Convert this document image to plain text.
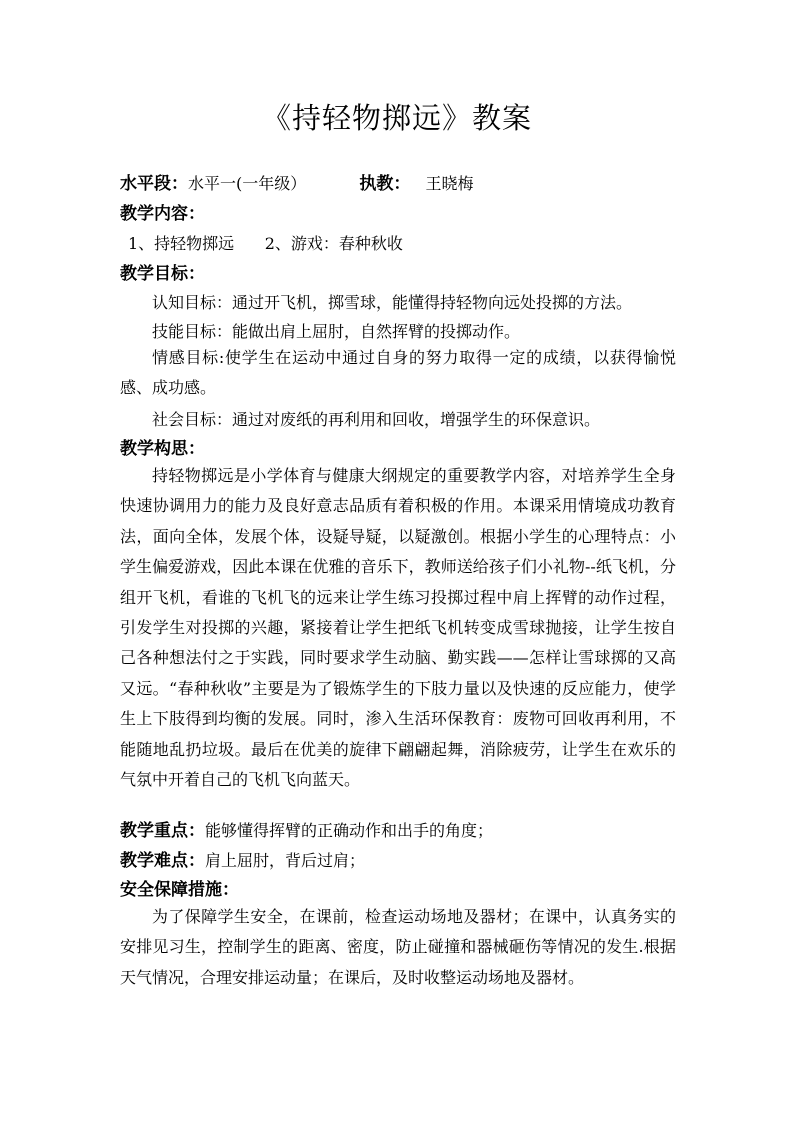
《持轻物掷远》教案
水平段：水平一(一年级）	执教： 王晓梅
教学内容：
1、持轻物掷远      2、游戏：春种秋收
教学目标：
认知目标：通过开飞机，掷雪球，能懂得持轻物向远处投掷的方法。
技能目标：能做出肩上屈肘，自然挥臂的投掷动作。

情感目标:使学生在运动中通过自身的努力取得一定的成绩，以获得愉悦感、成功感。

社会目标：通过对废纸的再利用和回收，增强学生的环保意识。
教学构思：

持轻物掷远是小学体育与健康大纲规定的重要教学内容，对培养学生全身快速协调用力的能力及良好意志品质有着积极的作用。本课采用情境成功教育法，面向全体，发展个体，设疑导疑，以疑激创。根据小学生的心理特点：小学生偏爱游戏，因此本课在优雅的音乐下，教师送给孩子们小礼物--纸飞机，分组开飞机，看谁的飞机飞的远来让学生练习投掷过程中肩上挥臂的动作过程，引发学生对投掷的兴趣，紧接着让学生把纸飞机转变成雪球抛接，让学生按自己各种想法付之于实践，同时要求学生动脑、勤实践——怎样让雪球掷的又高又远。“春种秋收”主要是为了锻炼学生的下肢力量以及快速的反应能力，使学生上下肢得到均衡的发展。同时，渗入生活环保教育：废物可回收再利用，不能随地乱扔垃圾。最后在优美的旋律下翩翩起舞，消除疲劳，让学生在欢乐的气氛中开着自己的飞机飞向蓝天。

教学重点：能够懂得挥臂的正确动作和出手的角度；
教学难点：肩上屈肘，背后过肩；
安全保障措施：

为了保障学生安全，在课前，检查运动场地及器材；在课中，认真务实的安排见习生，控制学生的距离、密度，防止碰撞和器械砸伤等情况的发生.根据天气情况，合理安排运动量；在课后，及时收整运动场地及器材。
